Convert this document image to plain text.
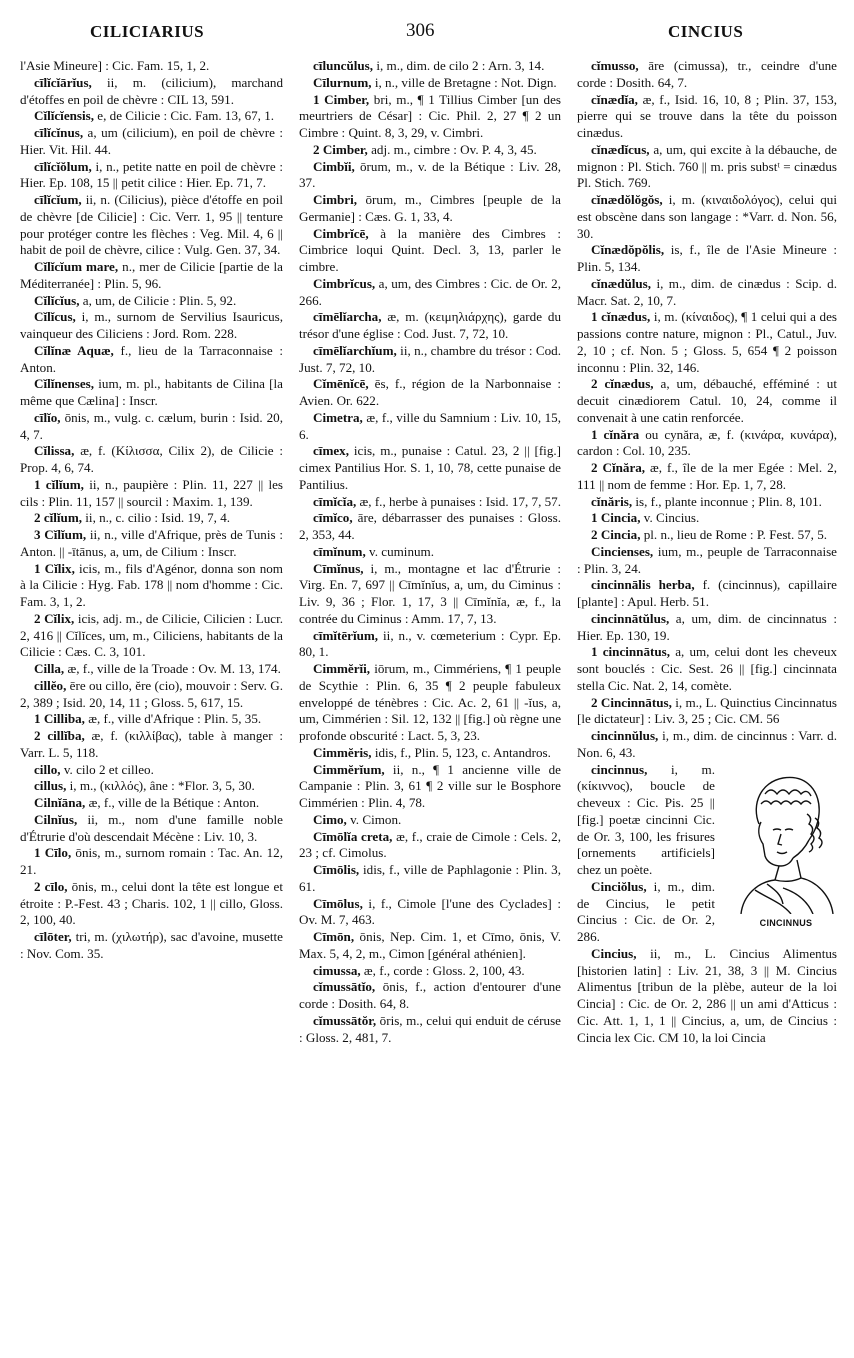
CILICIARIUS	306	CINCIUS

l'Asie Mineure] : Cic. Fam. 15, 1, 2.

cīlĭcĭārĭus, ii, m. (cilicium), marchand d'étoffes en poil de chèvre : CIL 13, 591.

Cĭlĭcĭensis, e, de Cilicie : Cic. Fam. 13, 67, 1.

cīlĭcĭnus, a, um (cilicium), en poil de chèvre : Hier. Vit. Hil. 44.

cīlĭcĭŏlum, i, n., petite natte en poil de chèvre : Hier. Ep. 108, 15 || petit cilice : Hier. Ep. 71, 7.

cīlĭcĭum, ii, n. (Cilicius), pièce d'étoffe en poil de chèvre [de Cilicie] : Cic. Verr. 1, 95 || tenture pour protéger contre les flèches : Veg. Mil. 4, 6 || habit de poil de chèvre, cilice : Vulg. Gen. 37, 34.

Cĭlĭcĭum mare, n., mer de Cilicie [partie de la Méditerranée] : Plin. 5, 96.

Cĭlĭcĭus, a, um, de Cilicie : Plin. 5, 92.

Cĭlĭcus, i, m., surnom de Servilius Isauricus, vainqueur des Ciliciens : Jord. Rom. 228.

Cĭlĭnæ Aquæ, f., lieu de la Tarraconnaise : Anton.

Cĭlĭnenses, ium, m. pl., habitants de Cilina [la même que Cælina] : Inscr.

cīlĭo, ōnis, m., vulg. c. cælum, burin : Isid. 20, 4, 7.

Cĭlissa, æ, f. (Κίλισσα, Cilix 2), de Cilicie : Prop. 4, 6, 74.

1 cĭlĭum, ii, n., paupière : Plin. 11, 227 || les cils : Plin. 11, 157 || sourcil : Maxim. 1, 139.

2 cĭlĭum, ii, n., c. cilio : Isid. 19, 7, 4.

3 Cĭlĭum, ii, n., ville d'Afrique, près de Tunis : Anton. || -ītānus, a, um, de Cilium : Inscr.

1 Cĭlix, icis, m., fils d'Agénor, donna son nom à la Cilicie : Hyg. Fab. 178 || nom d'homme : Cic. Fam. 3, 1, 2.

2 Cĭlix, icis, adj. m., de Cilicie, Cilicien : Lucr. 2, 416 || Cĭlĭces, um, m., Ciliciens, habitants de la Cilicie : Cæs. C. 3, 101.

Cilla, æ, f., ville de la Troade : Ov. M. 13, 174.

cillĕo, ēre ou cillo, ĕre (cio), mouvoir : Serv. G. 2, 389 ; Isid. 20, 14, 11 ; Gloss. 5, 617, 15.

1 Cilliba, æ, f., ville d'Afrique : Plin. 5, 35.

2 cillĭba, æ, f. (κιλλίβας), table à manger : Varr. L. 5, 118.

cillo, v. cilo 2 et cilleo.

cillus, i, m., (κιλλός), âne : *Flor. 3, 5, 30.

Cilnĭāna, æ, f., ville de la Bétique : Anton.

Cilnĭus, ii, m., nom d'une famille noble d'Étrurie d'où descendait Mécène : Liv. 10, 3.

1 Cīlo, ōnis, m., surnom romain : Tac. An. 12, 21.

2 cīlo, ōnis, m., celui dont la tête est longue et étroite : P.-Fest. 43 ; Charis. 102, 1 || cillo, Gloss. 2, 100, 40.

cīlōter, tri, m. (χιλωτήρ), sac d'avoine, musette : Nov. Com. 35.

cīluncŭlus, i, m., dim. de cilo 2 : Arn. 3, 14.

Cīlurnum, i, n., ville de Bretagne : Not. Dign.

1 Cimber, bri, m., ¶ 1 Tillius Cimber [un des meurtriers de César] : Cic. Phil. 2, 27 ¶ 2 un Cimbre : Quint. 8, 3, 29, v. Cimbri.

2 Cimber, adj. m., cimbre : Ov. P. 4, 3, 45.

Cimbĭi, ōrum, m., v. de la Bétique : Liv. 28, 37.

Cimbri, ōrum, m., Cimbres [peuple de la Germanie] : Cæs. G. 1, 33, 4.

Cimbrĭcē, à la manière des Cimbres : Cimbrice loqui Quint. Decl. 3, 13, parler le cimbre.

Cimbrĭcus, a, um, des Cimbres : Cic. de Or. 2, 266.

cīmēlĭarcha, æ, m. (κειμηλιάρχης), garde du trésor d'une église : Cod. Just. 7, 72, 10.

cīmēlĭarchĭum, ii, n., chambre du trésor : Cod. Just. 7, 72, 10.

Cĭmēnĭcē, ēs, f., région de la Narbonnaise : Avien. Or. 622.

Cimetra, æ, f., ville du Samnium : Liv. 10, 15, 6.

cīmex, icis, m., punaise : Catul. 23, 2 || [fig.] cimex Pantilius Hor. S. 1, 10, 78, cette punaise de Pantilius.

cīmĭcĭa, æ, f., herbe à punaises : Isid. 17, 7, 57.

cīmĭco, āre, débarrasser des punaises : Gloss. 2, 353, 44.

cīmĭnum, v. cuminum.

Cīmĭnus, i, m., montagne et lac d'Étrurie : Virg. En. 7, 697 || Cīmĭnĭus, a, um, du Ciminus : Liv. 9, 36 ; Flor. 1, 17, 3 || Cīmĭnĭa, æ, f., la contrée du Ciminus : Amm. 17, 7, 13.

cīmĭtērĭum, ii, n., v. cœmeterium : Cypr. Ep. 80, 1.

Cimmĕrĭi, iōrum, m., Cimmériens, ¶ 1 peuple de Scythie : Plin. 6, 35 ¶ 2 peuple fabuleux enveloppé de ténèbres : Cic. Ac. 2, 61 || -ĭus, a, um, Cimmérien : Sil. 12, 132 || [fig.] où règne une profonde obscurité : Lact. 5, 3, 23.

Cimmĕris, idis, f., Plin. 5, 123, c. Antandros.

Cimmĕrĭum, ii, n., ¶ 1 ancienne ville de Campanie : Plin. 3, 61 ¶ 2 ville sur le Bosphore Cimmérien : Plin. 4, 78.

Cimo, v. Cimon.

Cīmōlĭa creta, æ, f., craie de Cimole : Cels. 2, 23 ; cf. Cimolus.

Cīmōlis, idis, f., ville de Paphlagonie : Plin. 3, 61.

Cīmōlus, i, f., Cimole [l'une des Cyclades] : Ov. M. 7, 463.

Cīmōn, ōnis, Nep. Cim. 1, et Cīmo, ōnis, V. Max. 5, 4, 2, m., Cimon [général athénien].

cimussa, æ, f., corde : Gloss. 2, 100, 43.

cĭmussātĭo, ōnis, f., action d'entourer d'une corde : Dosith. 64, 8.

cĭmussātŏr, ōris, m., celui qui enduit de céruse : Gloss. 2, 481, 7.

cĭmusso, āre (cimussa), tr., ceindre d'une corde : Dosith. 64, 7.

cĭnædĭa, æ, f., Isid. 16, 10, 8 ; Plin. 37, 153, pierre qui se trouve dans la tête du poisson cinædus.

cĭnædĭcus, a, um, qui excite à la débauche, de mignon : Pl. Stich. 760 || m. pris substᵗ = cinædus Pl. Stich. 769.

cĭnædŏlŏgŏs, i, m. (κιναιδολόγος), celui qui est obscène dans son langage : *Varr. d. Non. 56, 30.

Cĭnædŏpŏlis, is, f., île de l'Asie Mineure : Plin. 5, 134.

cĭnædŭlus, i, m., dim. de cinædus : Scip. d. Macr. Sat. 2, 10, 7.

1 cĭnædus, i, m. (κίναιδος), ¶ 1 celui qui a des passions contre nature, mignon : Pl., Catul., Juv. 2, 10 ; cf. Non. 5 ; Gloss. 5, 654 ¶ 2 poisson inconnu : Plin. 32, 146.

2 cĭnædus, a, um, débauché, efféminé : ut decuit cinædiorem Catul. 10, 24, comme il convenait à une catin renforcée.

1 cĭnăra ou cynăra, æ, f. (κινάρα, κυνάρα), cardon : Col. 10, 235.

2 Cĭnăra, æ, f., île de la mer Egée : Mel. 2, 111 || nom de femme : Hor. Ep. 1, 7, 28.

cĭnăris, is, f., plante inconnue ; Plin. 8, 101.

1 Cincia, v. Cincius.

2 Cincia, pl. n., lieu de Rome : P. Fest. 57, 5.

Cincienses, ium, m., peuple de Tarraconnaise : Plin. 3, 24.

cincinnālis herba, f. (cincinnus), capillaire [plante] : Apul. Herb. 51.

cincinnātŭlus, a, um, dim. de cincinnatus : Hier. Ep. 130, 19.

1 cincinnātus, a, um, celui dont les cheveux sont bouclés : Cic. Sest. 26 || [fig.] cincinnata stella Cic. Nat. 2, 14, comète.

2 Cincinnātus, i, m., L. Quinctius Cincinnatus [le dictateur] : Liv. 3, 25 ; Cic. CM. 56

cincinnŭlus, i, m., dim. de cincinnus : Varr. d. Non. 6, 43.

CINCINNUS
cincinnus, i, m. (κίκιννος), boucle de cheveux : Cic. Pis. 25 || [fig.] poetæ cincinni Cic. de Or. 3, 100, les frisures [ornements artificiels] chez un poète.

Cinciŏlus, i, m., dim. de Cincius, le petit Cincius : Cic. de Or. 2, 286.

Cincius, ii, m., L. Cincius Alimentus [historien latin] : Liv. 21, 38, 3 || M. Cincius Alimentus [tribun de la plèbe, auteur de la loi Cincia] : Cic. de Or. 2, 286 || un ami d'Atticus : Cic. Att. 1, 1, 1 || Cincius, a, um, de Cincius : Cincia lex Cic. CM 10, la loi Cincia
